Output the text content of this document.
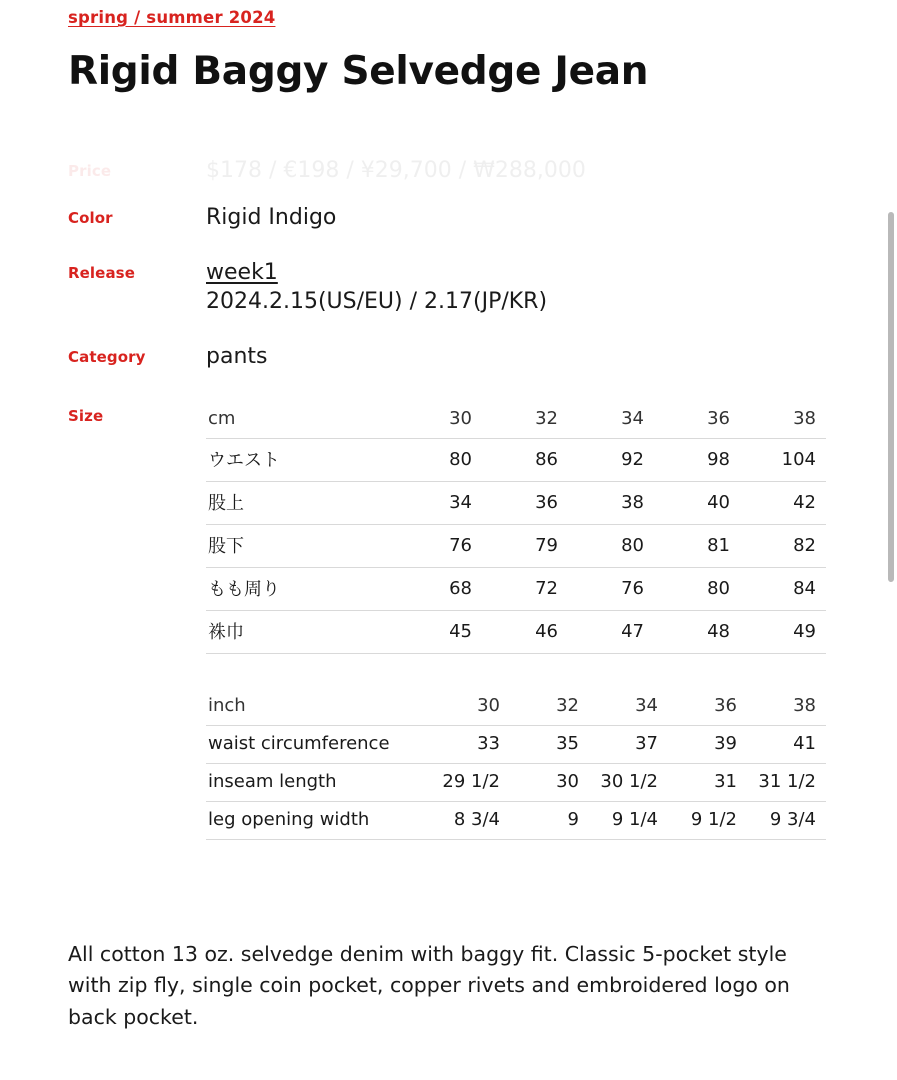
spring / summer 2024
Rigid Baggy Selvedge Jean
Price	$178 / €198 / ¥29,700 / ₩288,000
Color	Rigid Indigo
Release	week1
2024.2.15(US/EU) / 2.17(JP/KR)
Category	pants
Size	cm	30	32	34	36	38
ウエスト	80	86	92	98	104
股上	34	36	38	40	42
股下	76	79	80	81	82
もも周り	68	72	76	80	84
袾巾	45	46	47	48	49
inch	30	32	34	36	38
waist circumference	33	35	37	39	41
inseam length	29 1/2	30	30 1/2	31	31 1/2
leg opening width	8 3/4	9	9 1/4	9 1/2	9 3/4

All cotton 13 oz. selvedge denim with baggy fit. Classic 5-pocket style with zip fly, single coin pocket, copper rivets and embroidered logo on back pocket.
